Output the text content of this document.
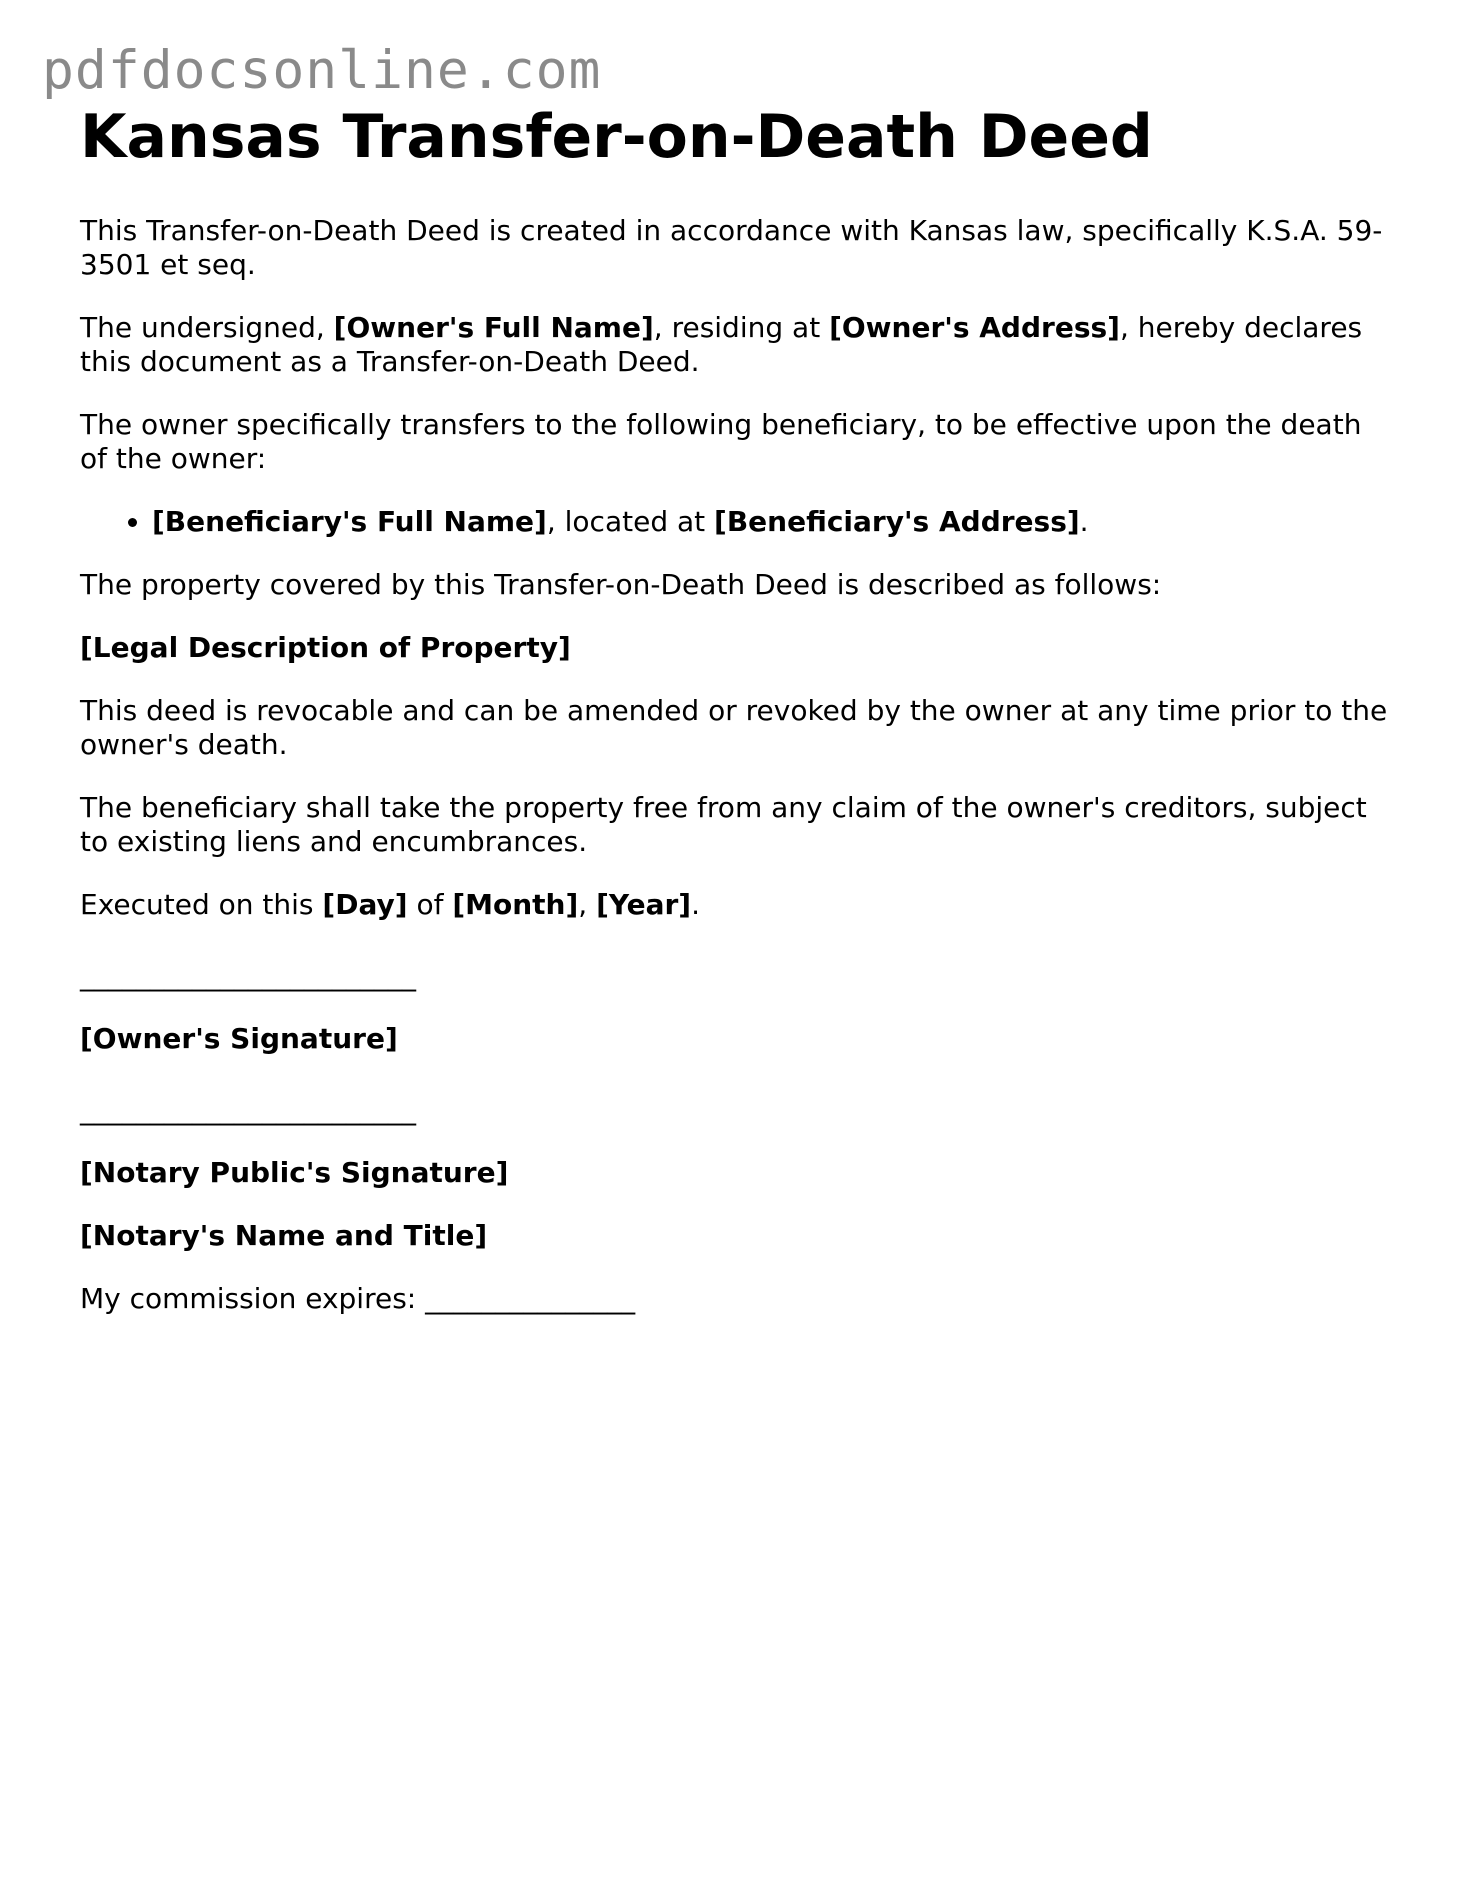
pdfdocsonline.com
Kansas Transfer-on-Death Deed

This Transfer-on-Death Deed is created in accordance with Kansas law, specifically K.S.A. 59-3501 et seq.

The undersigned, [Owner's Full Name], residing at [Owner's Address], hereby declares this document as a Transfer-on-Death Deed.

The owner specifically transfers to the following beneficiary, to be effective upon the death of the owner:

• [Beneficiary's Full Name], located at [Beneficiary's Address].

The property covered by this Transfer-on-Death Deed is described as follows:

[Legal Description of Property]

This deed is revocable and can be amended or revoked by the owner at any time prior to the owner's death.

The beneficiary shall take the property free from any claim of the owner's creditors, subject to existing liens and encumbrances.

Executed on this [Day] of [Month], [Year].

________________________

[Owner's Signature]

________________________

[Notary Public's Signature]

[Notary's Name and Title]

My commission expires: _______________
